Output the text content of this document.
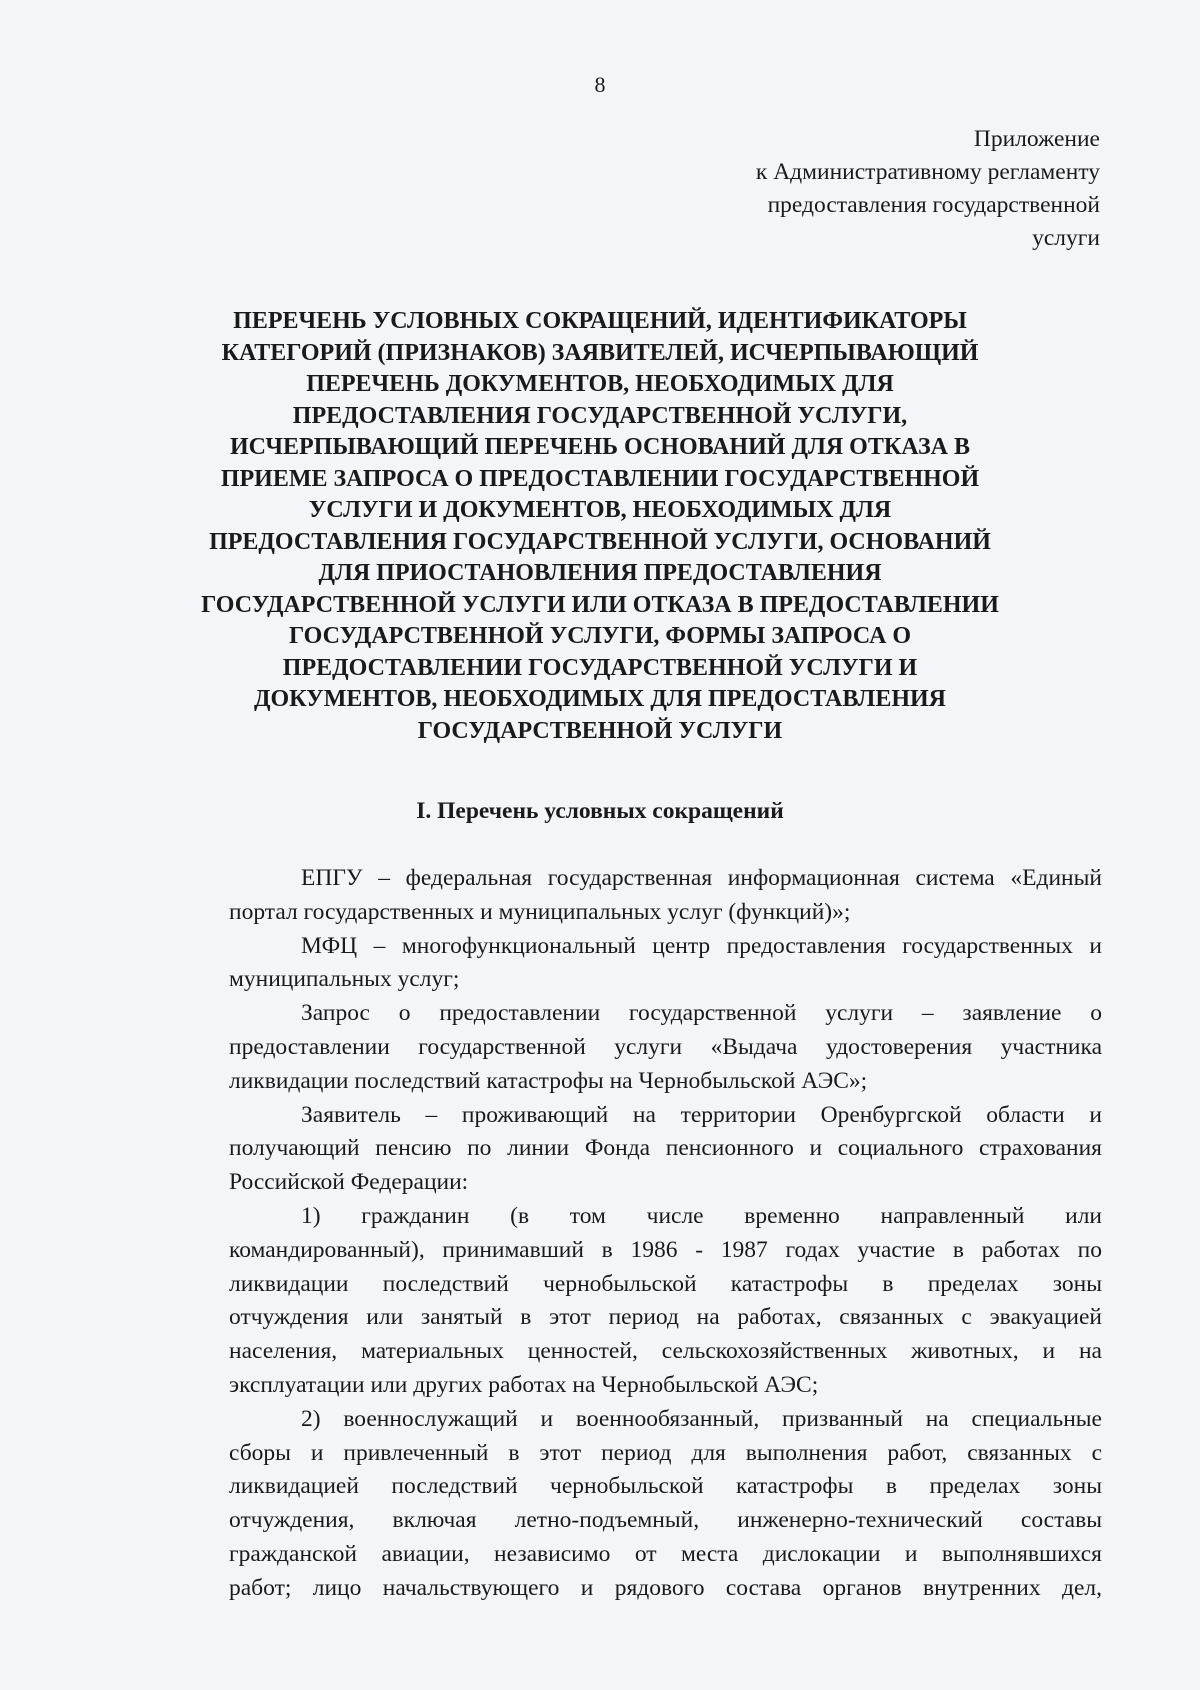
8
Приложение
к Административному регламенту
предоставления государственной
услуги
ПЕРЕЧЕНЬ УСЛОВНЫХ СОКРАЩЕНИЙ, ИДЕНТИФИКАТОРЫ
КАТЕГОРИЙ (ПРИЗНАКОВ) ЗАЯВИТЕЛЕЙ, ИСЧЕРПЫВАЮЩИЙ
ПЕРЕЧЕНЬ ДОКУМЕНТОВ, НЕОБХОДИМЫХ ДЛЯ
ПРЕДОСТАВЛЕНИЯ ГОСУДАРСТВЕННОЙ УСЛУГИ,
ИСЧЕРПЫВАЮЩИЙ ПЕРЕЧЕНЬ ОСНОВАНИЙ ДЛЯ ОТКАЗА В
ПРИЕМЕ ЗАПРОСА О ПРЕДОСТАВЛЕНИИ ГОСУДАРСТВЕННОЙ
УСЛУГИ И ДОКУМЕНТОВ, НЕОБХОДИМЫХ ДЛЯ
ПРЕДОСТАВЛЕНИЯ ГОСУДАРСТВЕННОЙ УСЛУГИ, ОСНОВАНИЙ
ДЛЯ ПРИОСТАНОВЛЕНИЯ ПРЕДОСТАВЛЕНИЯ
ГОСУДАРСТВЕННОЙ УСЛУГИ ИЛИ ОТКАЗА В ПРЕДОСТАВЛЕНИИ
ГОСУДАРСТВЕННОЙ УСЛУГИ, ФОРМЫ ЗАПРОСА О
ПРЕДОСТАВЛЕНИИ ГОСУДАРСТВЕННОЙ УСЛУГИ И
ДОКУМЕНТОВ, НЕОБХОДИМЫХ ДЛЯ ПРЕДОСТАВЛЕНИЯ
ГОСУДАРСТВЕННОЙ УСЛУГИ
I. Перечень условных сокращений
ЕПГУ – федеральная государственная информационная система «Единый
портал государственных и муниципальных услуг (функций)»;
МФЦ – многофункциональный центр предоставления государственных и
муниципальных услуг;
Запрос о предоставлении государственной услуги – заявление о
предоставлении государственной услуги «Выдача удостоверения участника
ликвидации последствий катастрофы на Чернобыльской АЭС»;
Заявитель – проживающий на территории Оренбургской области и
получающий пенсию по линии Фонда пенсионного и социального страхования
Российской Федерации:
1) гражданин (в том числе временно направленный или
командированный), принимавший в 1986 - 1987 годах участие в работах по
ликвидации последствий чернобыльской катастрофы в пределах зоны
отчуждения или занятый в этот период на работах, связанных с эвакуацией
населения, материальных ценностей, сельскохозяйственных животных, и на
эксплуатации или других работах на Чернобыльской АЭС;
2) военнослужащий и военнообязанный, призванный на специальные
сборы и привлеченный в этот период для выполнения работ, связанных с
ликвидацией последствий чернобыльской катастрофы в пределах зоны
отчуждения, включая летно-подъемный, инженерно-технический составы
гражданской авиации, независимо от места дислокации и выполнявшихся
работ; лицо начальствующего и рядового состава органов внутренних дел,
